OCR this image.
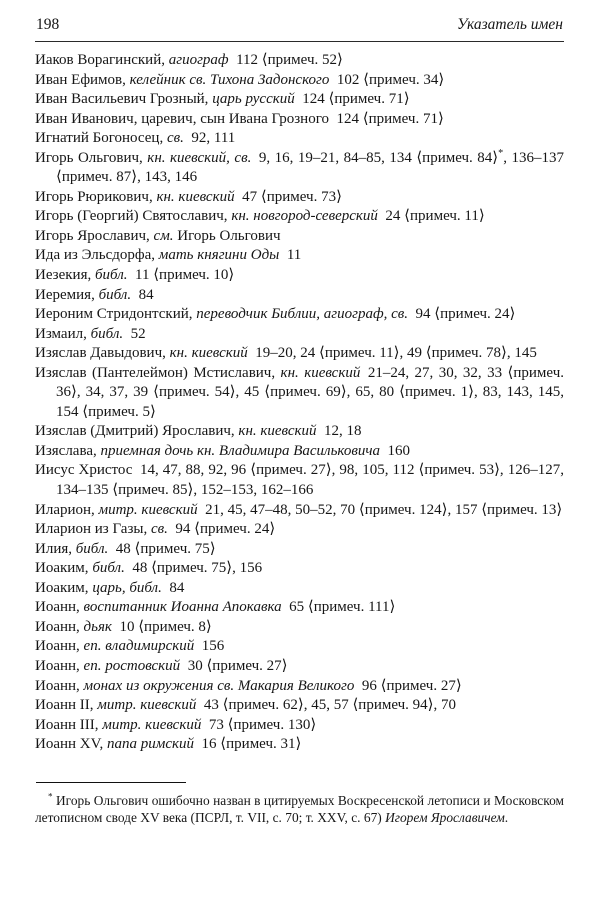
198	Указатель имен

Иаков Ворагинский, агиограф 112 ⟨примеч. 52⟩

Иван Ефимов, келейник св. Тихона Задонского 102 ⟨примеч. 34⟩

Иван Васильевич Грозный, царь русский 124 ⟨примеч. 71⟩

Иван Иванович, царевич, сын Ивана Грозного 124 ⟨примеч. 71⟩

Игнатий Богоносец, св. 92, 111

Игорь Ольгович, кн. киевский, св. 9, 16, 19–21, 84–85, 134 ⟨примеч. 84⟩*, 136–137 ⟨примеч. 87⟩, 143, 146

Игорь Рюрикович, кн. киевский 47 ⟨примеч. 73⟩

Игорь (Георгий) Святославич, кн. новгород-северский 24 ⟨примеч. 11⟩

Игорь Ярославич, см. Игорь Ольгович

Ида из Эльсдорфа, мать княгини Оды 11

Иезекия, библ. 11 ⟨примеч. 10⟩

Иеремия, библ. 84

Иероним Стридонтский, переводчик Библии, агиограф, св. 94 ⟨примеч. 24⟩

Измаил, библ. 52

Изяслав Давыдович, кн. киевский 19–20, 24 ⟨примеч. 11⟩, 49 ⟨примеч. 78⟩, 145

Изяслав (Пантелеймон) Мстиславич, кн. киевский 21–24, 27, 30, 32, 33 ⟨примеч. 36⟩, 34, 37, 39 ⟨примеч. 54⟩, 45 ⟨примеч. 69⟩, 65, 80 ⟨примеч. 1⟩, 83, 143, 145, 154 ⟨примеч. 5⟩

Изяслав (Дмитрий) Ярославич, кн. киевский 12, 18

Изяслава, приемная дочь кн. Владимира Васильковича 160

Иисус Христос 14, 47, 88, 92, 96 ⟨примеч. 27⟩, 98, 105, 112 ⟨примеч. 53⟩, 126–127, 134–135 ⟨примеч. 85⟩, 152–153, 162–166

Иларион, митр. киевский 21, 45, 47–48, 50–52, 70 ⟨примеч. 124⟩, 157 ⟨примеч. 13⟩

Иларион из Газы, св. 94 ⟨примеч. 24⟩

Илия, библ. 48 ⟨примеч. 75⟩

Иоаким, библ. 48 ⟨примеч. 75⟩, 156

Иоаким, царь, библ. 84

Иоанн, воспитанник Иоанна Апокавка 65 ⟨примеч. 111⟩

Иоанн, дьяк 10 ⟨примеч. 8⟩

Иоанн, еп. владимирский 156

Иоанн, еп. ростовский 30 ⟨примеч. 27⟩

Иоанн, монах из окружения св. Макария Великого 96 ⟨примеч. 27⟩

Иоанн II, митр. киевский 43 ⟨примеч. 62⟩, 45, 57 ⟨примеч. 94⟩, 70

Иоанн III, митр. киевский 73 ⟨примеч. 130⟩

Иоанн XV, папа римский 16 ⟨примеч. 31⟩

* Игорь Ольгович ошибочно назван в цитируемых Воскресенской летописи и Московском летописном своде XV века (ПСРЛ, т. VII, с. 70; т. XXV, с. 67) Игорем Ярославичем.
